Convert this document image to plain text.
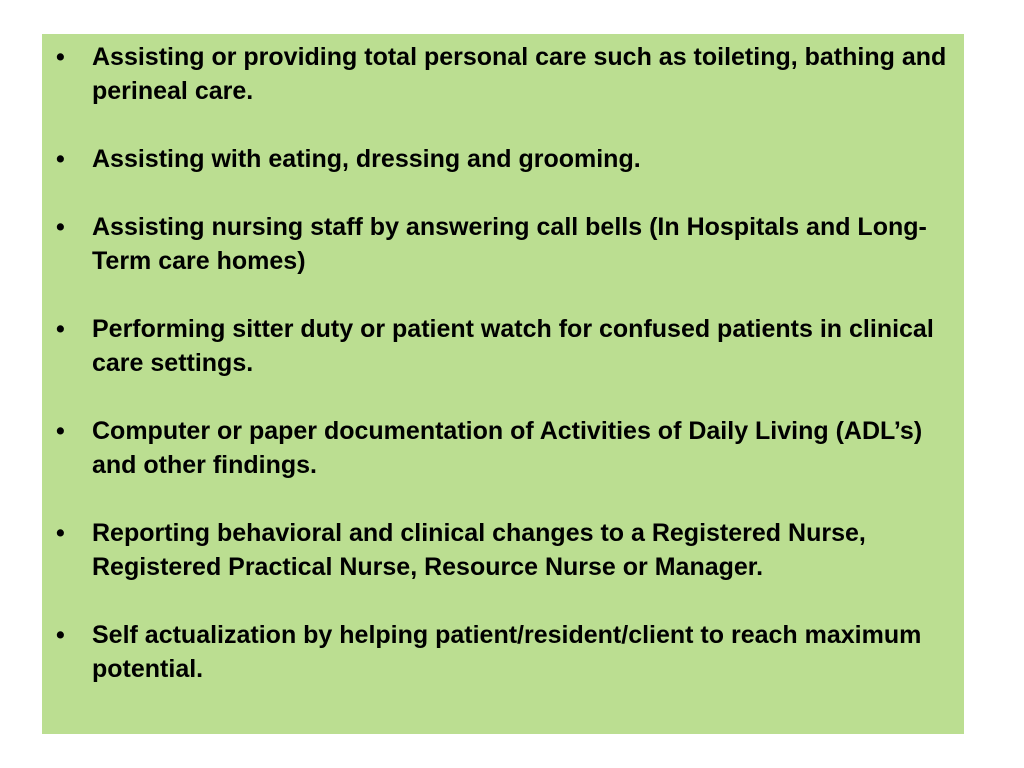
•	Assisting or providing total personal care such as toileting, bathing and perineal care.
•	Assisting with eating, dressing and grooming.
•	Assisting nursing staff by answering call bells (In Hospitals and Long-Term care homes)
•	Performing sitter duty or patient watch for confused patients in clinical care settings.
•	Computer or paper documentation of Activities of Daily Living (ADL’s) and other findings.
•	Reporting behavioral and clinical changes to a Registered Nurse, Registered Practical Nurse, Resource Nurse or Manager.
•	Self actualization by helping patient/resident/client to reach maximum potential.
